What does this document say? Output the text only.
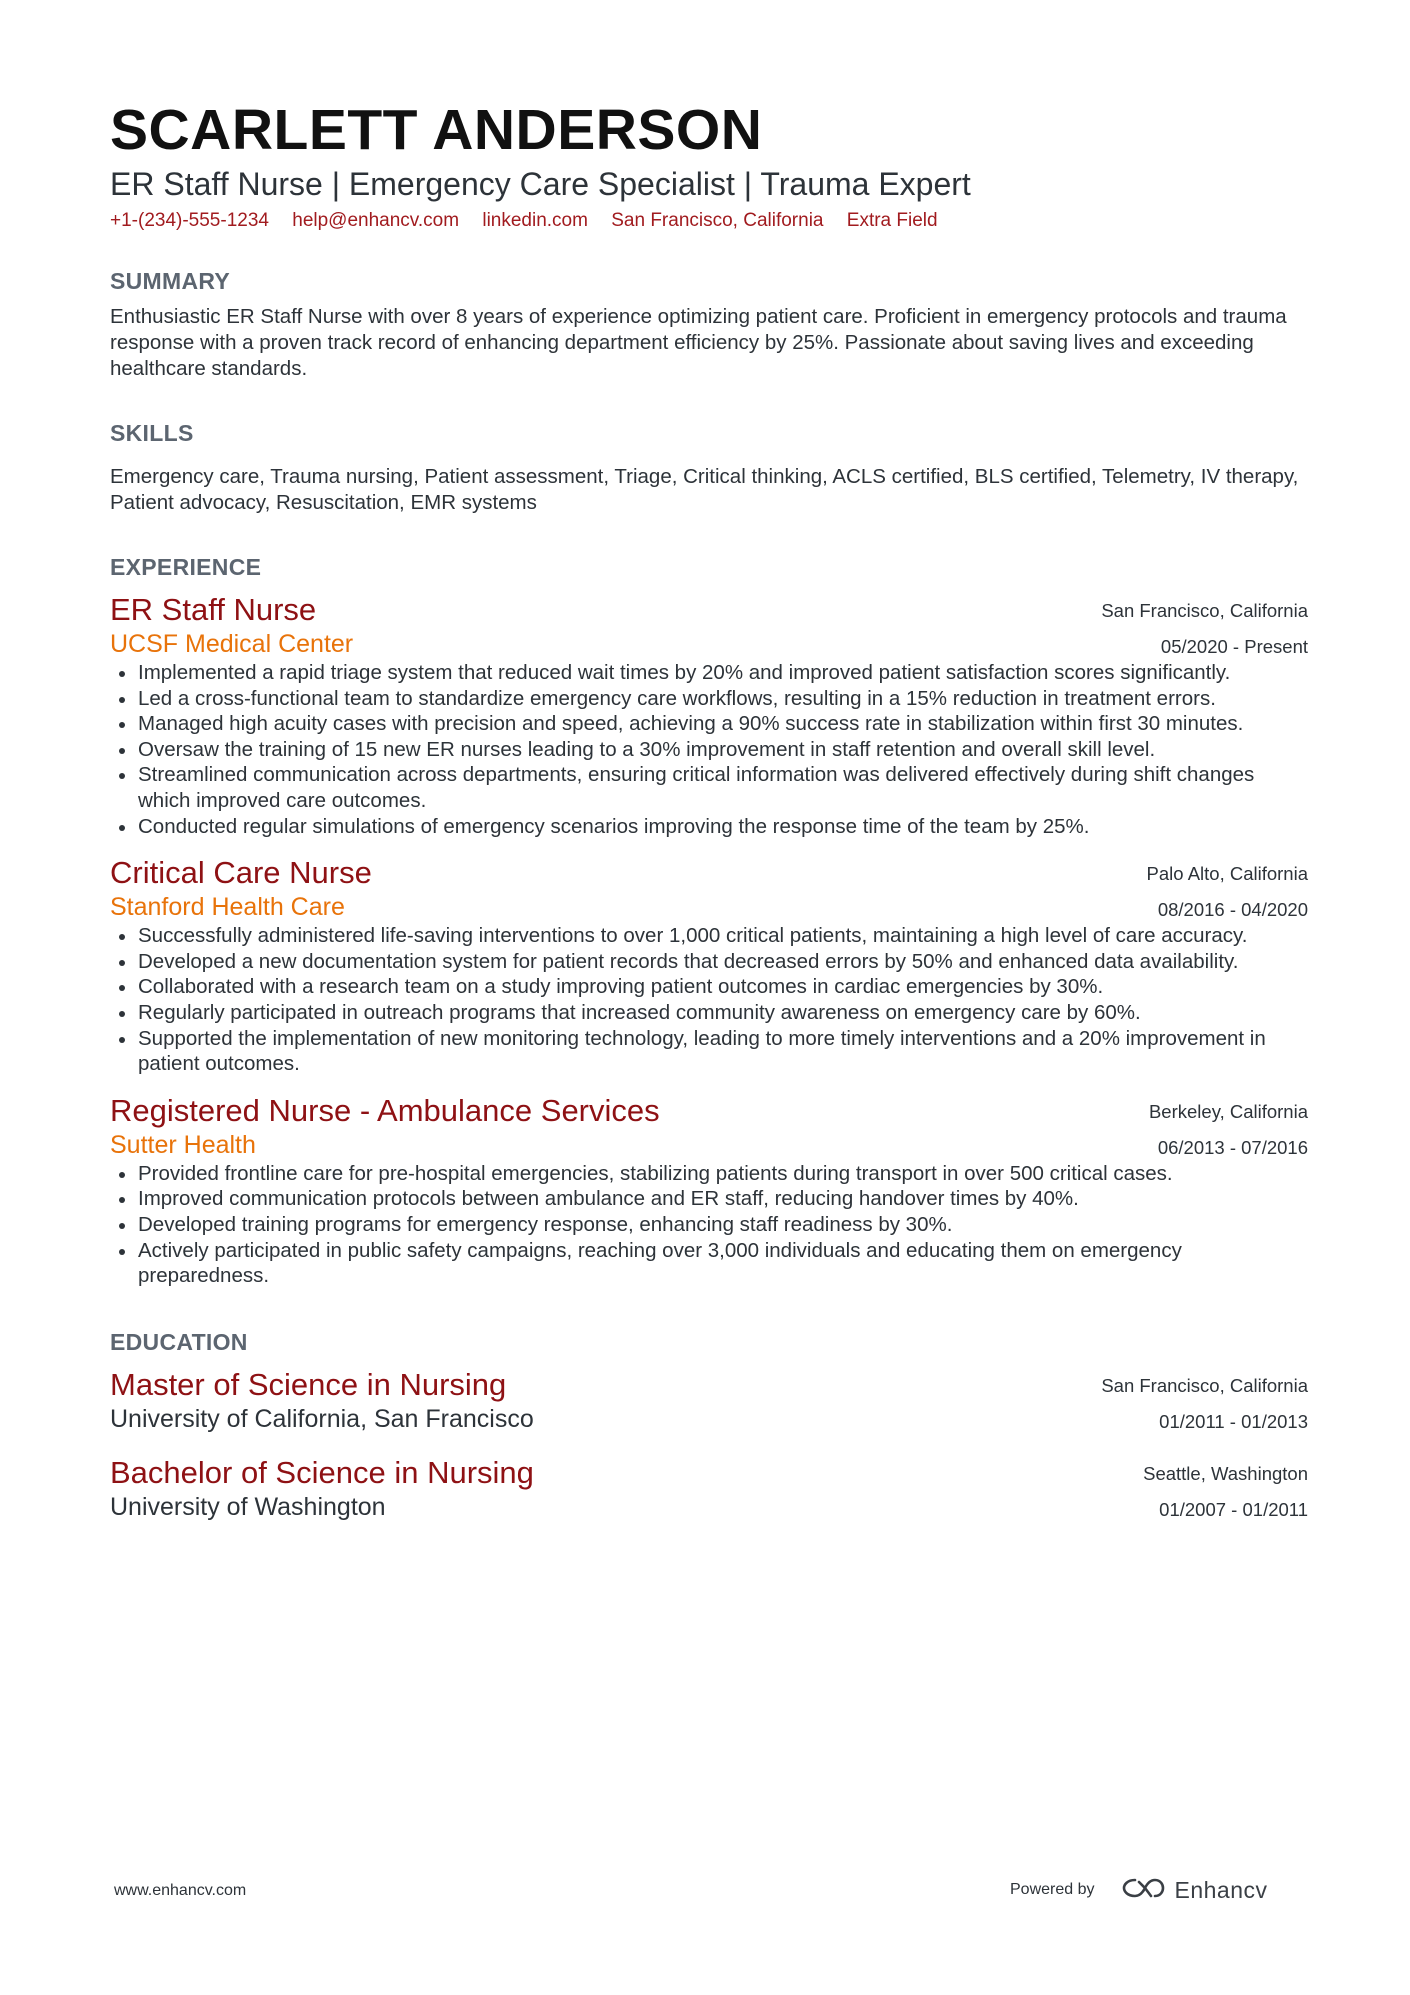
SCARLETT ANDERSON
ER Staff Nurse | Emergency Care Specialist | Trauma Expert
+1-(234)-555-1234 help@enhancv.com linkedin.com San Francisco, California Extra Field
SUMMARY
Enthusiastic ER Staff Nurse with over 8 years of experience optimizing patient care. Proficient in emergency protocols and trauma response with a proven track record of enhancing department efficiency by 25%. Passionate about saving lives and exceeding healthcare standards.
SKILLS
Emergency care, Trauma nursing, Patient assessment, Triage, Critical thinking, ACLS certified, BLS certified, Telemetry, IV therapy, Patient advocacy, Resuscitation, EMR systems
EXPERIENCE
ER Staff Nurse
UCSF Medical Center
San Francisco, California
05/2020 - Present
Implemented a rapid triage system that reduced wait times by 20% and improved patient satisfaction scores significantly.
Led a cross-functional team to standardize emergency care workflows, resulting in a 15% reduction in treatment errors.
Managed high acuity cases with precision and speed, achieving a 90% success rate in stabilization within first 30 minutes.
Oversaw the training of 15 new ER nurses leading to a 30% improvement in staff retention and overall skill level.
Streamlined communication across departments, ensuring critical information was delivered effectively during shift changes which improved care outcomes.
Conducted regular simulations of emergency scenarios improving the response time of the team by 25%.
Critical Care Nurse
Stanford Health Care
Palo Alto, California
08/2016 - 04/2020
Successfully administered life-saving interventions to over 1,000 critical patients, maintaining a high level of care accuracy.
Developed a new documentation system for patient records that decreased errors by 50% and enhanced data availability.
Collaborated with a research team on a study improving patient outcomes in cardiac emergencies by 30%.
Regularly participated in outreach programs that increased community awareness on emergency care by 60%.
Supported the implementation of new monitoring technology, leading to more timely interventions and a 20% improvement in patient outcomes.
Registered Nurse - Ambulance Services
Sutter Health
Berkeley, California
06/2013 - 07/2016
Provided frontline care for pre-hospital emergencies, stabilizing patients during transport in over 500 critical cases.
Improved communication protocols between ambulance and ER staff, reducing handover times by 40%.
Developed training programs for emergency response, enhancing staff readiness by 30%.
Actively participated in public safety campaigns, reaching over 3,000 individuals and educating them on emergency preparedness.
EDUCATION
Master of Science in Nursing
University of California, San Francisco
San Francisco, California
01/2011 - 01/2013
Bachelor of Science in Nursing
University of Washington
Seattle, Washington
01/2007 - 01/2011
www.enhancv.com	Powered by	Enhancv
